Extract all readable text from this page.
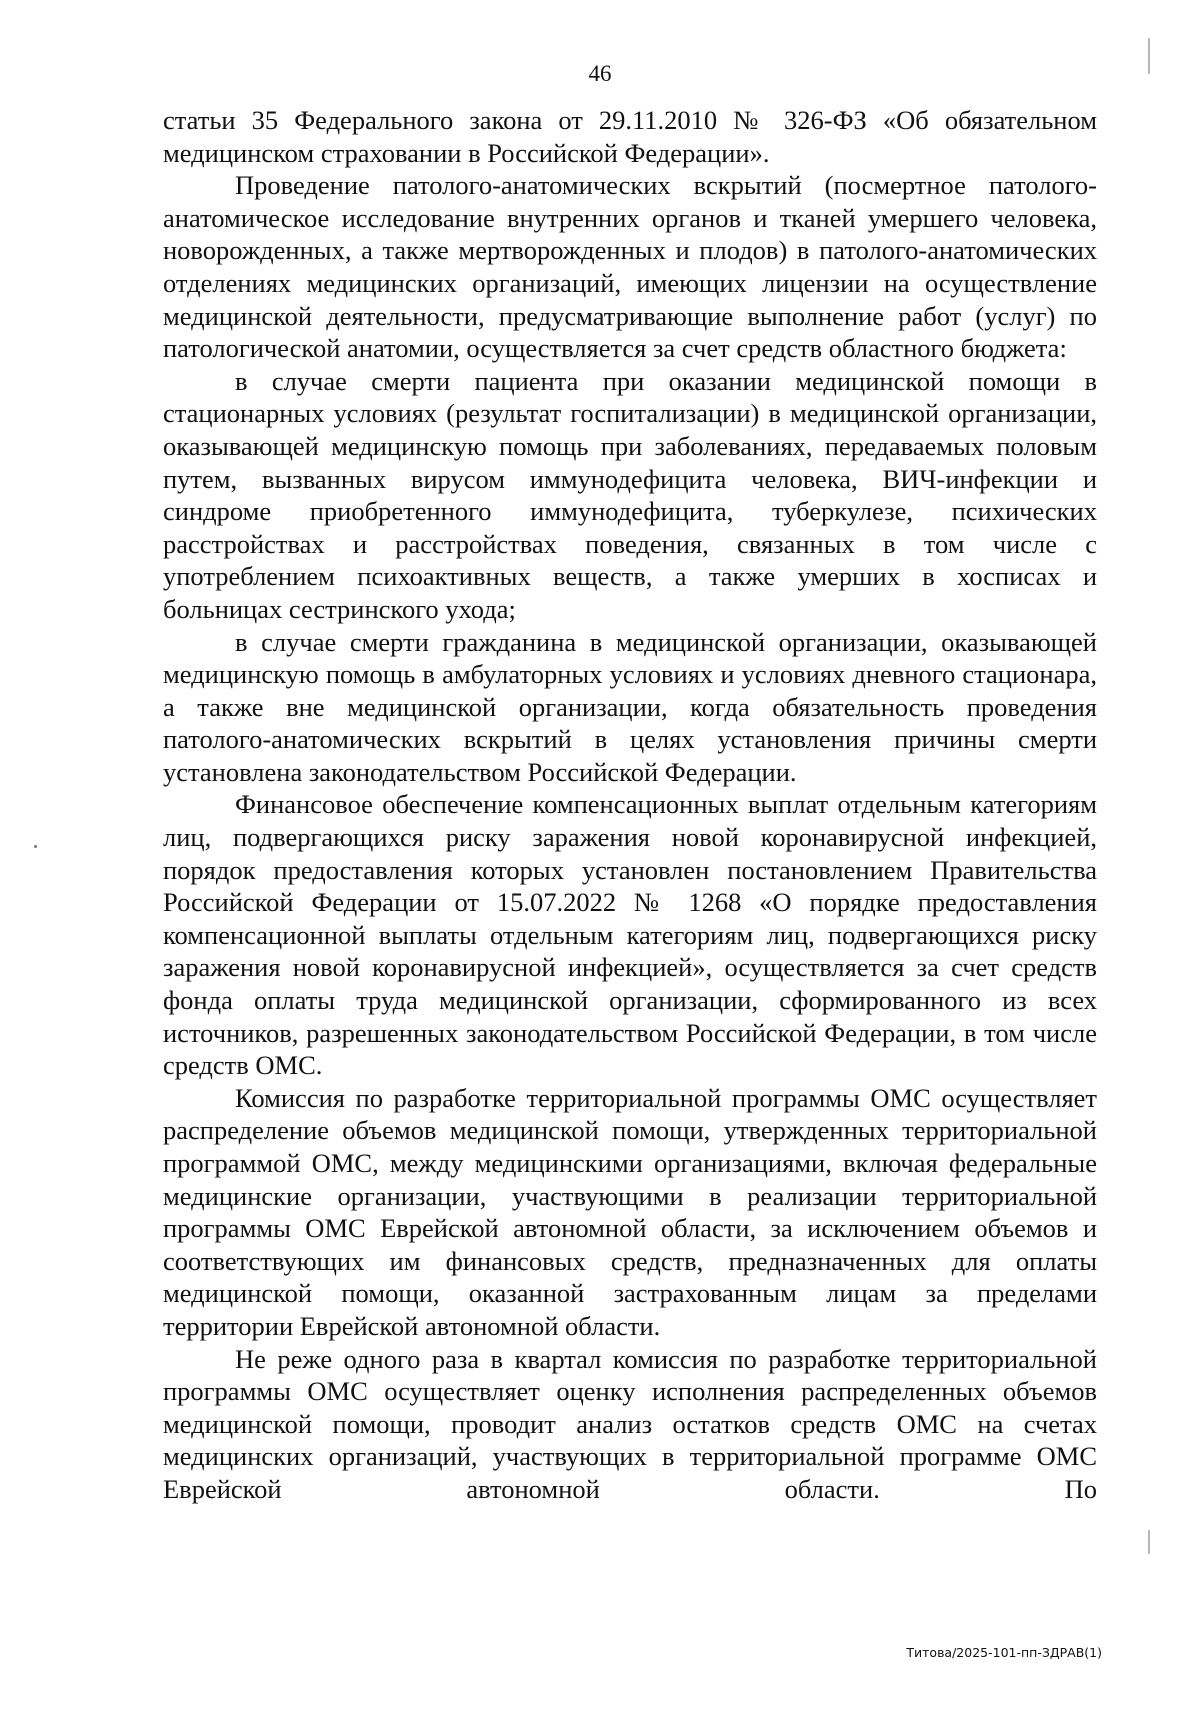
46

статьи 35 Федерального закона от 29.11.2010 № 326-ФЗ «Об обязательном медицинском страховании в Российской Федерации».

Проведение патолого-анатомических вскрытий (посмертное патолого-анатомическое исследование внутренних органов и тканей умершего человека, новорожденных, а также мертворожденных и плодов) в патолого-анатомических отделениях медицинских организаций, имеющих лицензии на осуществление медицинской деятельности, предусматривающие выполнение работ (услуг) по патологической анатомии, осуществляется за счет средств областного бюджета:

в случае смерти пациента при оказании медицинской помощи в стационарных условиях (результат госпитализации) в медицинской организации, оказывающей медицинскую помощь при заболеваниях, передаваемых половым путем, вызванных вирусом иммунодефицита человека, ВИЧ-инфекции и синдроме приобретенного иммунодефицита, туберкулезе, психических расстройствах и расстройствах поведения, связанных в том числе с употреблением психоактивных веществ, а также умерших в хосписах и больницах сестринского ухода;

в случае смерти гражданина в медицинской организации, оказывающей медицинскую помощь в амбулаторных условиях и условиях дневного стационара, а также вне медицинской организации, когда обязательность проведения патолого-анатомических вскрытий в целях установления причины смерти установлена законодательством Российской Федерации.

Финансовое обеспечение компенсационных выплат отдельным категориям лиц, подвергающихся риску заражения новой коронавирусной инфекцией, порядок предоставления которых установлен постановлением Правительства Российской Федерации от 15.07.2022 № 1268 «О порядке предоставления компенсационной выплаты отдельным категориям лиц, подвергающихся риску заражения новой коронавирусной инфекцией», осуществляется за счет средств фонда оплаты труда медицинской организации, сформированного из всех источников, разрешенных законодательством Российской Федерации, в том числе средств ОМС.

Комиссия по разработке территориальной программы ОМС осуществляет распределение объемов медицинской помощи, утвержденных территориальной программой ОМС, между медицинскими организациями, включая федеральные медицинские организации, участвующими в реализации территориальной программы ОМС Еврейской автономной области, за исключением объемов и соответствующих им финансовых средств, предназначенных для оплаты медицинской помощи, оказанной застрахованным лицам за пределами территории Еврейской автономной области.

Не реже одного раза в квартал комиссия по разработке территориальной программы ОМС осуществляет оценку исполнения распределенных объемов медицинской помощи, проводит анализ остатков средств ОМС на счетах медицинских организаций, участвующих в территориальной программе ОМС Еврейской автономной области. По

Титова/2025-101-пп-ЗДРАВ(1)
